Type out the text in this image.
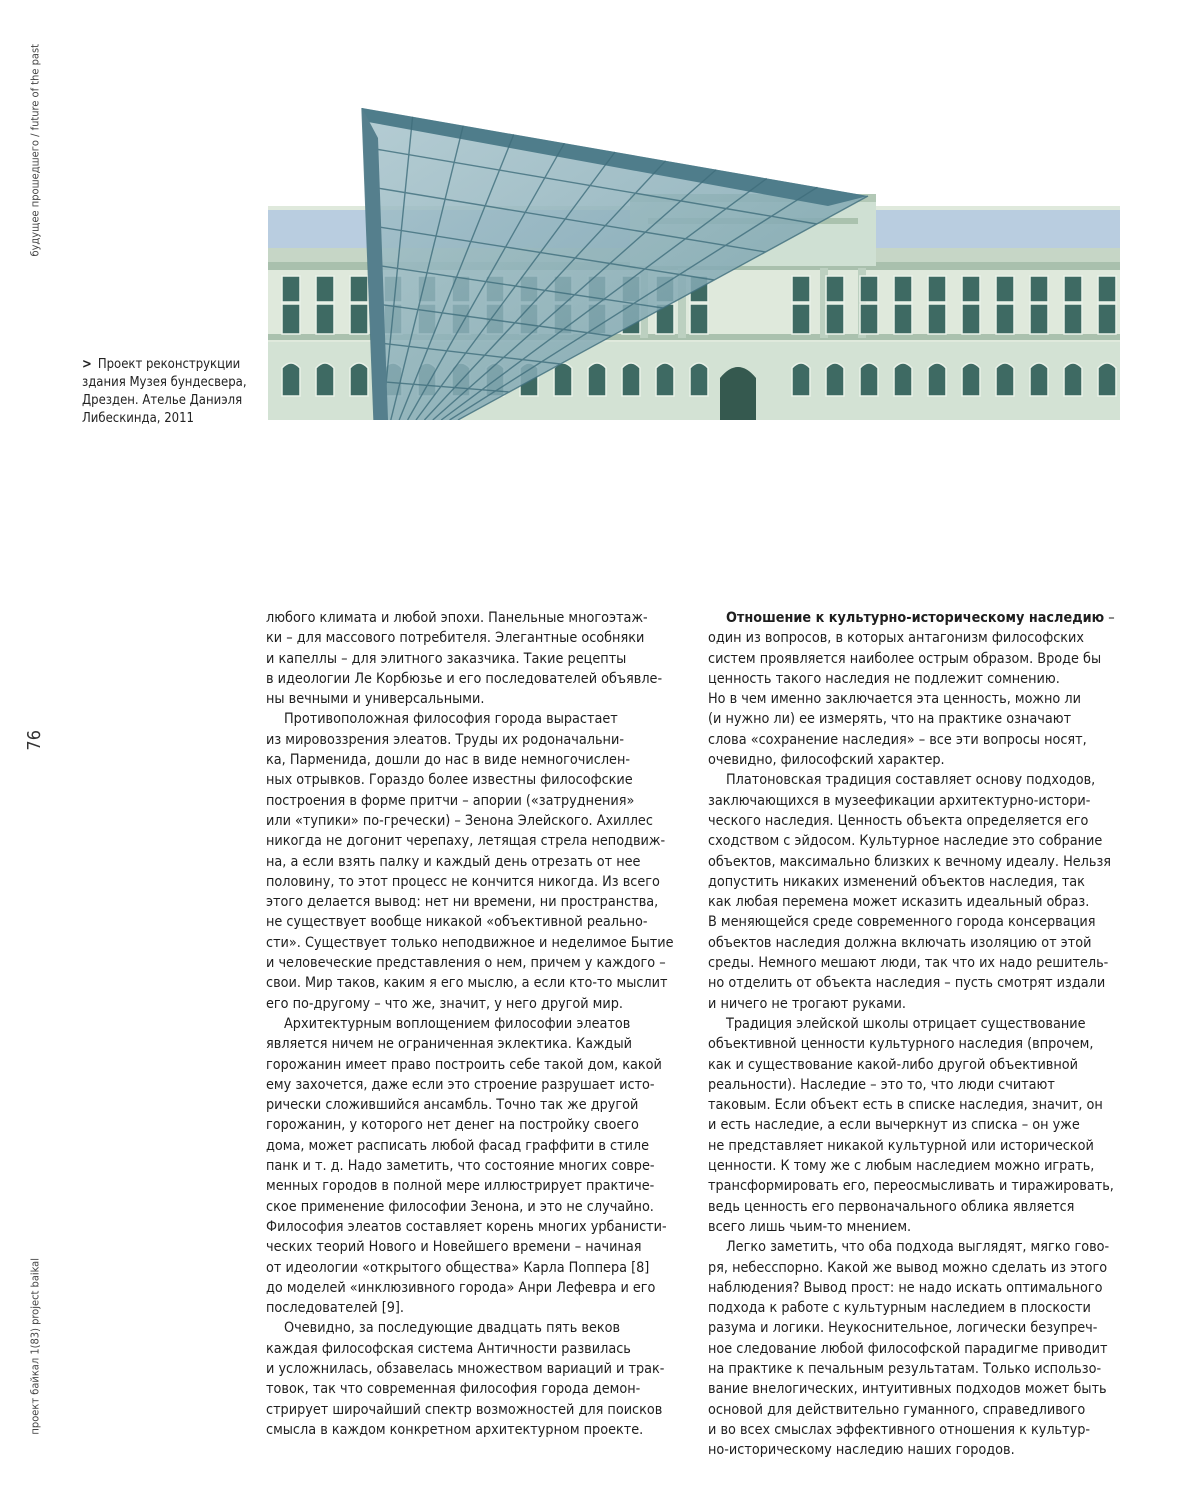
будущее прошедшего / future of the past
76
проект байкал 1(83) project baikal
> Проект реконструкции здания Музея бундесвера, Дрезден. Ателье Даниэля Либескинда, 2011

любого климата и любой эпохи. Панельные многоэтаж-
ки – для массового потребителя. Элегантные особняки
и капеллы – для элитного заказчика. Такие рецепты
в идеологии Ле Корбюзье и его последователей объявле-
ны вечными и универсальными.

Противоположная философия города вырастает
из мировоззрения элеатов. Труды их родоначальни-
ка, Парменида, дошли до нас в виде немногочислен-
ных отрывков. Гораздо более известны философские
построения в форме притчи – апории («затруднения»
или «тупики» по-гречески) – Зенона Элейского. Ахиллес
никогда не догонит черепаху, летящая стрела неподвиж-
на, а если взять палку и каждый день отрезать от нее
половину, то этот процесс не кончится никогда. Из всего
этого делается вывод: нет ни времени, ни пространства,
не существует вообще никакой «объективной реально-
сти». Существует только неподвижное и неделимое Бытие
и человеческие представления о нем, причем у каждого –
свои. Мир таков, каким я его мыслю, а если кто-то мыслит
его по-другому – что же, значит, у него другой мир.

Архитектурным воплощением философии элеатов
является ничем не ограниченная эклектика. Каждый
горожанин имеет право построить себе такой дом, какой
ему захочется, даже если это строение разрушает исто-
рически сложившийся ансамбль. Точно так же другой
горожанин, у которого нет денег на постройку своего
дома, может расписать любой фасад граффити в стиле
панк и т. д. Надо заметить, что состояние многих совре-
менных городов в полной мере иллюстрирует практиче-
ское применение философии Зенона, и это не случайно.
Философия элеатов составляет корень многих урбанисти-
ческих теорий Нового и Новейшего времени – начиная
от идеологии «открытого общества» Карла Поппера [8]
до моделей «инклюзивного города» Анри Лефевра и его
последователей [9].

Очевидно, за последующие двадцать пять веков
каждая философская система Античности развилась
и усложнилась, обзавелась множеством вариаций и трак-
товок, так что современная философия города демон-
стрирует широчайший спектр возможностей для поисков
смысла в каждом конкретном архитектурном проекте.

Отношение к культурно-историческому наследию –
один из вопросов, в которых антагонизм философских
систем проявляется наиболее острым образом. Вроде бы
ценность такого наследия не подлежит сомнению.
Но в чем именно заключается эта ценность, можно ли
(и нужно ли) ее измерять, что на практике означают
слова «сохранение наследия» – все эти вопросы носят,
очевидно, философский характер.

Платоновская традиция составляет основу подходов,
заключающихся в музеефикации архитектурно-истори-
ческого наследия. Ценность объекта определяется его
сходством с эйдосом. Культурное наследие это собрание
объектов, максимально близких к вечному идеалу. Нельзя
допустить никаких изменений объектов наследия, так
как любая перемена может исказить идеальный образ.
В меняющейся среде современного города консервация
объектов наследия должна включать изоляцию от этой
среды. Немного мешают люди, так что их надо решитель-
но отделить от объекта наследия – пусть смотрят издали
и ничего не трогают руками.

Традиция элейской школы отрицает существование
объективной ценности культурного наследия (впрочем,
как и существование какой-либо другой объективной
реальности). Наследие – это то, что люди считают
таковым. Если объект есть в списке наследия, значит, он
и есть наследие, а если вычеркнут из списка – он уже
не представляет никакой культурной или исторической
ценности. К тому же с любым наследием можно играть,
трансформировать его, переосмысливать и тиражировать,
ведь ценность его первоначального облика является
всего лишь чьим-то мнением.

Легко заметить, что оба подхода выглядят, мягко гово-
ря, небесспорно. Какой же вывод можно сделать из этого
наблюдения? Вывод прост: не надо искать оптимального
подхода к работе с культурным наследием в плоскости
разума и логики. Неукоснительное, логически безупреч-
ное следование любой философской парадигме приводит
на практике к печальным результатам. Только использо-
вание внелогических, интуитивных подходов может быть
основой для действительно гуманного, справедливого
и во всех смыслах эффективного отношения к культур-
но-историческому наследию наших городов.
